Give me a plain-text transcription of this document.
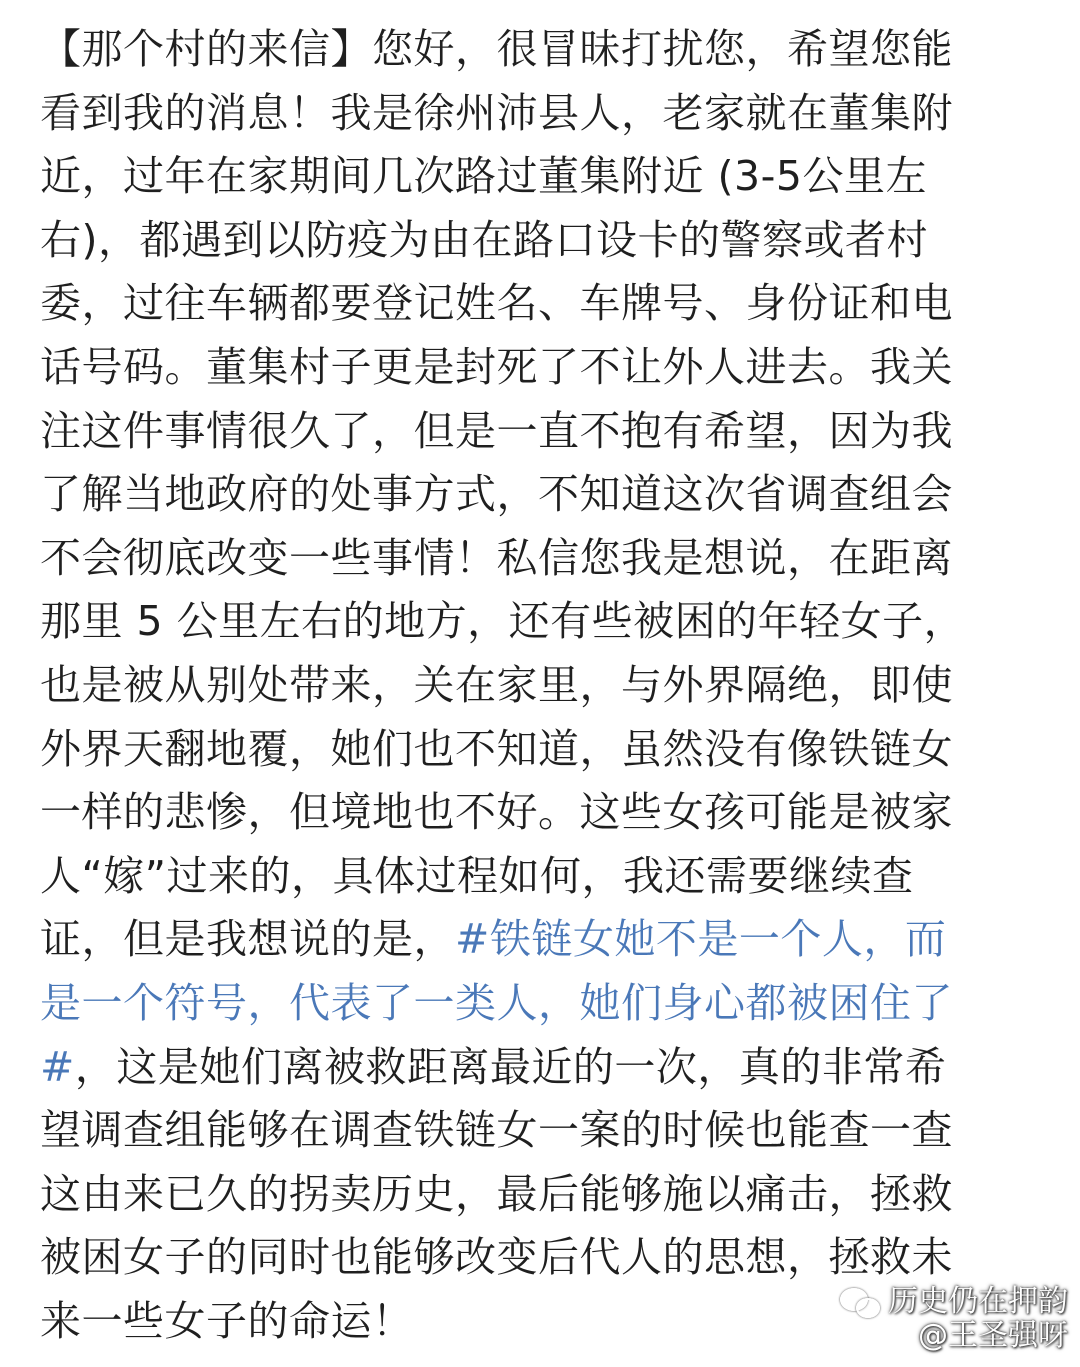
【那个村的来信】您好，很冒昧打扰您，希望您能
看到我的消息！我是徐州沛县人，老家就在董集附
近，过年在家期间几次路过董集附近 (3-5公里左
右)，都遇到以防疫为由在路口设卡的警察或者村
委，过往车辆都要登记姓名、车牌号、身份证和电
话号码。董集村子更是封死了不让外人进去。我关
注这件事情很久了，但是一直不抱有希望，因为我
了解当地政府的处事方式，不知道这次省调查组会
不会彻底改变一些事情！私信您我是想说，在距离
那里 5 公里左右的地方，还有些被困的年轻女子，
也是被从别处带来，关在家里，与外界隔绝，即使
外界天翻地覆，她们也不知道，虽然没有像铁链女
一样的悲惨，但境地也不好。这些女孩可能是被家
人“嫁”过来的，具体过程如何，我还需要继续查
证，但是我想说的是，#铁链女她不是一个人，而
是一个符号，代表了一类人，她们身心都被困住了
#，这是她们离被救距离最近的一次，真的非常希
望调查组能够在调查铁链女一案的时候也能查一查
这由来已久的拐卖历史，最后能够施以痛击，拯救
被困女子的同时也能够改变后代人的思想，拯救未
来一些女子的命运！	历史仍在押韵
@王圣强呀
